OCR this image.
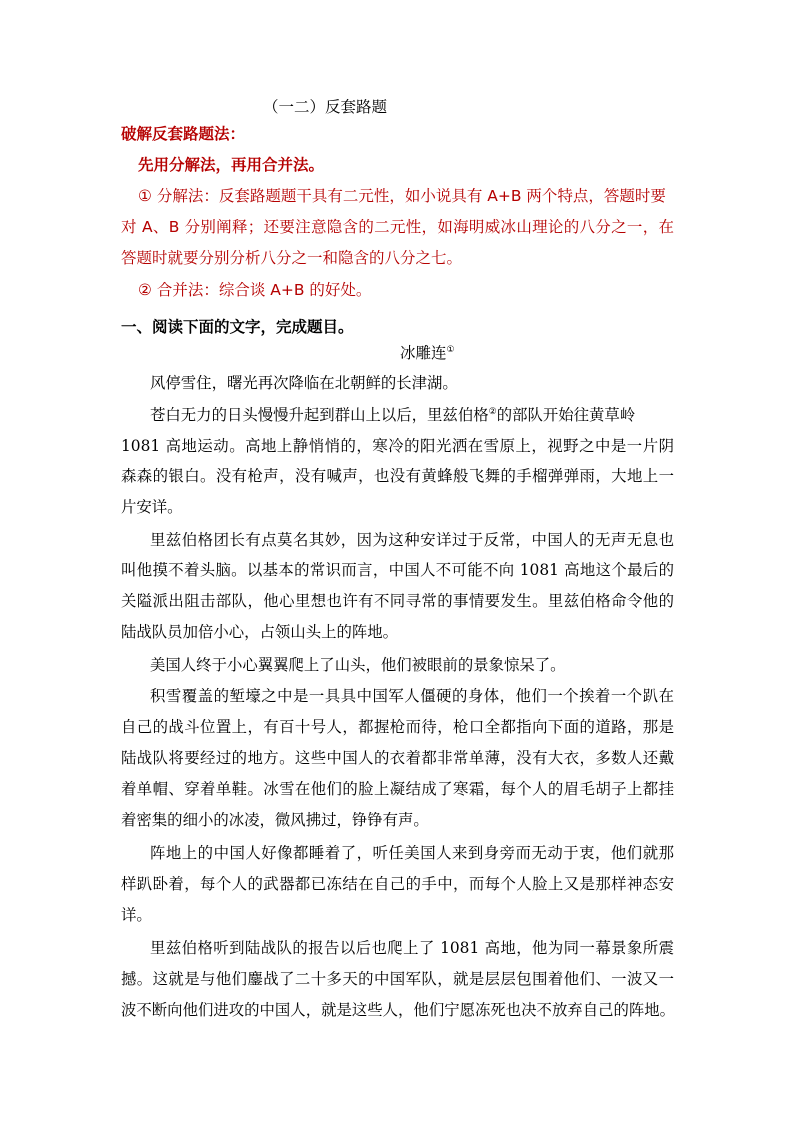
（一二）反套路题
破解反套路题法：
先用分解法，再用合并法。
① 分解法：反套路题题干具有二元性，如小说具有 A+B 两个特点，答题时要
对 A、B 分别阐释；还要注意隐含的二元性，如海明威冰山理论的八分之一，在
答题时就要分别分析八分之一和隐含的八分之七。
② 合并法：综合谈 A+B 的好处。
一、阅读下面的文字，完成题目。
冰雕连①
风停雪住，曙光再次降临在北朝鲜的长津湖。
苍白无力的日头慢慢升起到群山上以后，里兹伯格②的部队开始往黄草岭
1081 高地运动。高地上静悄悄的，寒冷的阳光洒在雪原上，视野之中是一片阴
森森的银白。没有枪声，没有喊声，也没有黄蜂般飞舞的手榴弹弹雨，大地上一
片安详。
里兹伯格团长有点莫名其妙，因为这种安详过于反常，中国人的无声无息也
叫他摸不着头脑。以基本的常识而言，中国人不可能不向 1081 高地这个最后的
关隘派出阻击部队，他心里想也许有不同寻常的事情要发生。里兹伯格命令他的
陆战队员加倍小心，占领山头上的阵地。
美国人终于小心翼翼爬上了山头，他们被眼前的景象惊呆了。
积雪覆盖的堑壕之中是一具具中国军人僵硬的身体，他们一个挨着一个趴在
自己的战斗位置上，有百十号人，都握枪而待，枪口全都指向下面的道路，那是
陆战队将要经过的地方。这些中国人的衣着都非常单薄，没有大衣，多数人还戴
着单帽、穿着单鞋。冰雪在他们的脸上凝结成了寒霜，每个人的眉毛胡子上都挂
着密集的细小的冰凌，微风拂过，铮铮有声。
阵地上的中国人好像都睡着了，听任美国人来到身旁而无动于衷，他们就那
样趴卧着，每个人的武器都已冻结在自己的手中，而每个人脸上又是那样神态安
详。
里兹伯格听到陆战队的报告以后也爬上了 1081 高地，他为同一幕景象所震
撼。这就是与他们鏖战了二十多天的中国军队，就是层层包围着他们、一波又一
波不断向他们进攻的中国人，就是这些人，他们宁愿冻死也决不放弃自己的阵地。
